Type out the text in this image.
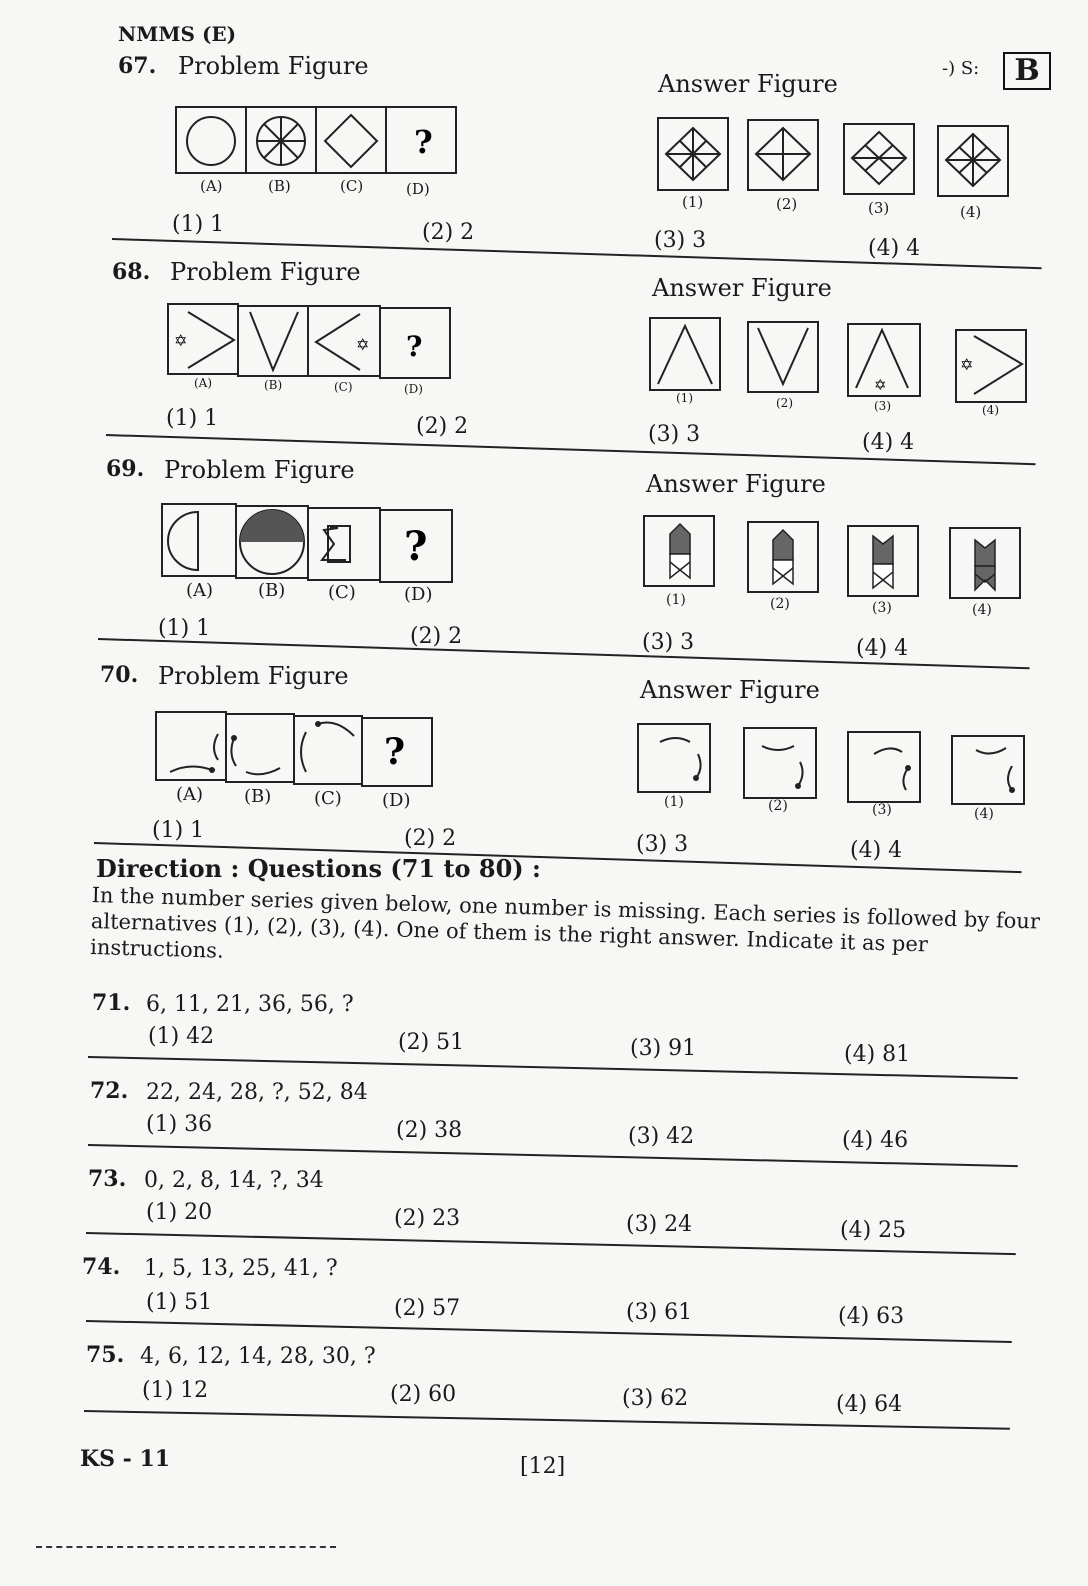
NMMS (E)
B
-) S:
67. Problem Figure
Answer Figure
?
(A)	(B)	(C)	(D)
(1)	(2)	(3)	(4)
(1) 1	(2) 2	(3) 3	(4) 4
68. Problem Figure
Answer Figure
✡	✡ ?
(A)	(B)	(C)	(D)	✡
✡
(1)	(2)	(3)	(4)
(1) 1	(2) 2	(3) 3	(4) 4
69. Problem Figure	Answer Figure
?
(A) (B) (C)	(D)	(1)	(2)	(3)	(4)
(1) 1	(2) 2	(3) 3	(4) 4
70. Problem Figure	Answer Figure
?
(A) (B) (C) (D)	(1)	(2)	(3)	(4)
(1) 1	(2) 2	(3) 3	(4) 4
Direction : Questions (71 to 80) :
In the number series given below, one number is missing. Each series is followed by four alternatives (1), (2), (3), (4). One of them is the right answer. Indicate it as per instructions.
71. 6, 11, 21, 36, 56, ?
(1) 42	(2) 51	(3) 91	(4) 81
72. 22, 24, 28, ?, 52, 84
(1) 36	(2) 38	(3) 42	(4) 46
73. 0, 2, 8, 14, ?, 34
(1) 20	(2) 23	(3) 24	(4) 25
74. 1, 5, 13, 25, 41, ?
(1) 51	(2) 57	(3) 61	(4) 63
75. 4, 6, 12, 14, 28, 30, ?
(1) 12	(2) 60	(3) 62	(4) 64
KS - 11	[12]
